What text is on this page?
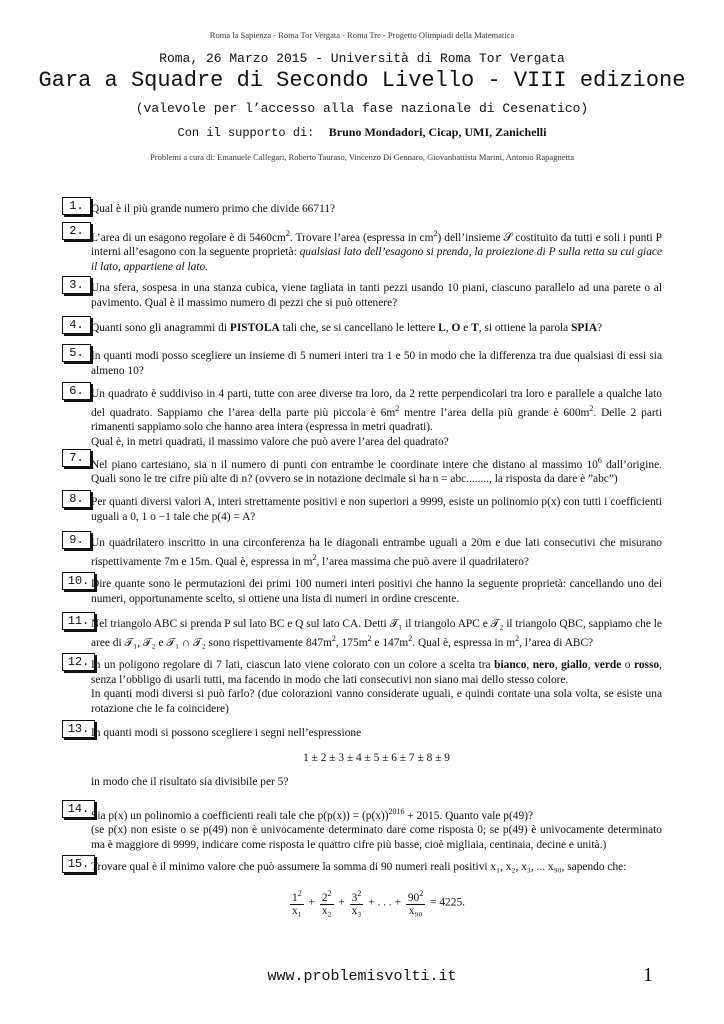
Roma la Sapienza - Roma Tor Vergata - Roma Tre - Progetto Olimpiadi della Matematica
Roma, 26 Marzo 2015 - Università di Roma Tor Vergata
Gara a Squadre di Secondo Livello - VIII edizione
(valevole per l’accesso alla fase nazionale di Cesenatico)
Con il supporto di: Bruno Mondadori, Cicap, UMI, Zanichelli
Problemi a cura di: Emanuele Callegari, Roberto Tauraso, Vincenzo Di Gennaro, Giovanbattista Marini, Antonio Rapagnetta
1. Qual è il più grande numero primo che divide 66711?
2. L’area di un esagono regolare è di $5460cm^2$. Trovare l’area (espressa in $cm^2$) dell’insieme 𝒮 costituito da tutti e soli i punti P interni all’esagono con la seguente proprietà: qualsiasi lato dell’esagono si prenda, la proiezione di P sulla retta su cui giace il lato, appartiene al lato.
3. Una sfera, sospesa in una stanza cubica, viene tagliata in tanti pezzi usando 10 piani, ciascuno parallelo ad una parete o al pavimento. Qual è il massimo numero di pezzi che si può ottenere?
4. Quanti sono gli anagrammi di PISTOLA tali che, se si cancellano le lettere L, O e T, si ottiene la parola SPIA?
5. In quanti modi posso scegliere un insieme di 5 numeri interi tra 1 e 50 in modo che la differenza tra due qualsiasi di essi sia almeno 10?
6. Un quadrato è suddiviso in 4 parti, tutte con aree diverse tra loro, da 2 rette perpendicolari tra loro e parallele a qualche lato del quadrato. Sappiamo che l’area della parte più piccola è $6m^2$ mentre l’area della più grande è $600m^2$. Delle 2 parti rimanenti sappiamo solo che hanno area intera (espressa in metri quadrati).
Qual è, in metri quadrati, il massimo valore che può avere l’area del quadrato?
7. Nel piano cartesiano, sia n il numero di punti con entrambe le coordinate intere che distano al massimo $10^6$ dall’origine. Quali sono le tre cifre più alte di n? (ovvero se in notazione decimale si ha n = abc........, la risposta da dare è ”abc”)
8. Per quanti diversi valori A, interi strettamente positivi e non superiori a 9999, esiste un polinomio p(x) con tutti i coefficienti uguali a 0, 1 o −1 tale che p(4) = A?
9. Un quadrilatero inscritto in una circonferenza ha le diagonali entrambe uguali a 20m e due lati consecutivi che misurano rispettivamente 7m e 15m. Qual è, espressa in $m^2$, l’area massima che può avere il quadrilatero?
10. Dire quante sono le permutazioni dei primi 100 numeri interi positivi che hanno la seguente proprietà: cancellando uno dei numeri, opportunamente scelto, si ottiene una lista di numeri in ordine crescente.
11. Nel triangolo ABC si prenda P sul lato BC e Q sul lato CA. Detti 𝒯₁ il triangolo APC e 𝒯₂ il triangolo QBC, sappiamo che le aree di 𝒯₁, 𝒯₂ e 𝒯₁ ∩ 𝒯₂ sono rispettivamente $847m^2$, $175m^2$ e $147m^2$. Qual è, espressa in $m^2$, l’area di ABC?
12. In un poligono regolare di 7 lati, ciascun lato viene colorato con un colore a scelta tra bianco, nero, giallo, verde o rosso, senza l’obbligo di usarli tutti, ma facendo in modo che lati consecutivi non siano mai dello stesso colore.
In quanti modi diversi si può farlo? (due colorazioni vanno considerate uguali, e quindi contate una sola volta, se esiste una rotazione che le fa coincidere)
13. In quanti modi si possono scegliere i segni nell’espressione
1 ± 2 ± 3 ± 4 ± 5 ± 6 ± 7 ± 8 ± 9
in modo che il risultato sia divisibile per 5?
14. Sia p(x) un polinomio a coefficienti reali tale che $p(p(x)) = (p(x))^{2016} + 2015$. Quanto vale p(49)?
(se p(x) non esiste o se p(49) non è univocamente determinato dare come risposta 0; se p(49) è univocamente determinato ma è maggiore di 9999, indicare come risposta le quattro cifre più basse, cioè migliaia, centinaia, decine e unità.)
15. Trovare qual è il minimo valore che può assumere la somma di 90 numeri reali positivi x₁, x₂, x₃, ... x₉₀, sapendo che:
$\frac{1^2}{\text{x₁}} + \frac{2^2}{\text{x₂}} + \frac{3^2}{\text{x₃}}$ + . . . + $\frac{90^2}{\text{x₉₀}} = 4225$.
www.problemisvolti.it	1
